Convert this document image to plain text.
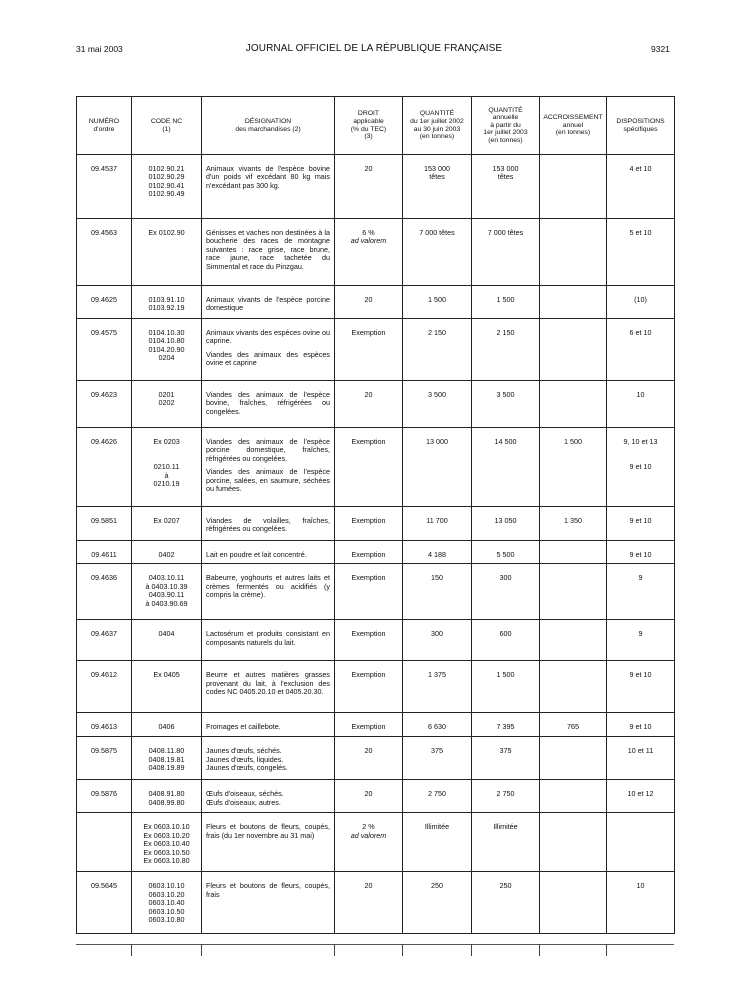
31 mai 2003	JOURNAL OFFICIEL DE LA RÉPUBLIQUE FRANÇAISE	9321
NUMÉRO
d'ordre	CODE NC
(1)	DÉSIGNATION
des marchandises (2)	DROIT
applicable
(% du TEC)
(3)	QUANTITÉ
du 1er juillet 2002
au 30 juin 2003
(en tonnes)	QUANTITÉ
annuelle
à partir du
1er juillet 2003
(en tonnes)	ACCROISSEMENT
annuel
(en tonnes)	DISPOSITIONS
spécifiques

09.4537	0102.90.21
0102.90.29
0102.90.41
0102.90.49	Animaux vivants de l'espèce bovine d'un poids vif excédant 80 kg mais n'excédant pas 300 kg.	20	153 000
têtes	153 000
têtes		4 et 10

09.4563	Ex 0102.90	Génisses et vaches non destinées à la boucherie des races de montagne suivantes : race grise, race brune, race jaune, race tachetée du Simmental et race du Pinzgau.	6 %
ad valorem	7 000 têtes	7 000 têtes		5 et 10

09.4625	0103.91.10
0103.92.19	Animaux vivants de l'espèce porcine domestique	20	1 500	1 500		(10)

09.4575	0104.10.30
0104.10.80
0104.20.90
0204	Animaux vivants des espèces ovine ou caprine.
Viandes des animaux des espèces ovine et caprine	Exemption	2 150	2 150		6 et 10

09.4623	0201
0202	Viandes des animaux de l'espèce bovine, fraîches, réfrigérées ou congelées.	20	3 500	3 500		10

09.4626	Ex 0203

0210.11
à
0210.19	Viandes des animaux de l'espèce porcine domestique, fraîches, réfrigérées ou congelées.
Viandes des animaux de l'espèce porcine, salées, en saumure, séchées ou fumées.	Exemption	13 000	14 500	1 500	9, 10 et 13
9 et 10

09.5851	Ex 0207	Viandes de volailles, fraîches, réfrigérées ou congelées.	Exemption	11 700	13 050	1 350	9 et 10

09.4611	0402	Lait en poudre et lait concentré.	Exemption	4 188	5 500		9 et 10

09.4636	0403.10.11
à 0403.10.39
0403.90.11
à 0403.90.69	Babeurre, yoghourts et autres laits et crèmes fermentés ou acidifiés (y compris la crème).	Exemption	150	300		9

09.4637	0404	Lactosérum et produits consistant en composants naturels du lait.	Exemption	300	600		9

09.4612	Ex 0405	Beurre et autres matières grasses provenant du lait, à l'exclusion des codes NC 0405.20.10 et 0405.20.30.	Exemption	1 375	1 500		9 et 10

09.4613	0406	Fromages et caillebote.	Exemption	6 630	7 395	765	9 et 10

09.5875	0408.11.80
0408.19.81
0408.19.89	Jaunes d'œufs, séchés.
Jaunes d'œufs, liquides.
Jaunes d'œufs, congelés.	20	375	375		10 et 11

09.5876	0408.91.80
0408.99.80	Œufs d'oiseaux, séchés.
Œufs d'oiseaux, autres.	20	2 750	2 750		10 et 12

	Ex 0603.10.10
Ex 0603.10.20
Ex 0603.10.40
Ex 0603.10.50
Ex 0603.10.80	Fleurs et boutons de fleurs, coupés, frais (du 1er novembre au 31 mai)	2 %
ad valorem	Illimitée	Illimitée		

09.5645	0603.10.10
0603.10.20
0603.10.40
0603.10.50
0603.10.80	Fleurs et boutons de fleurs, coupés, frais	20	250	250		10
